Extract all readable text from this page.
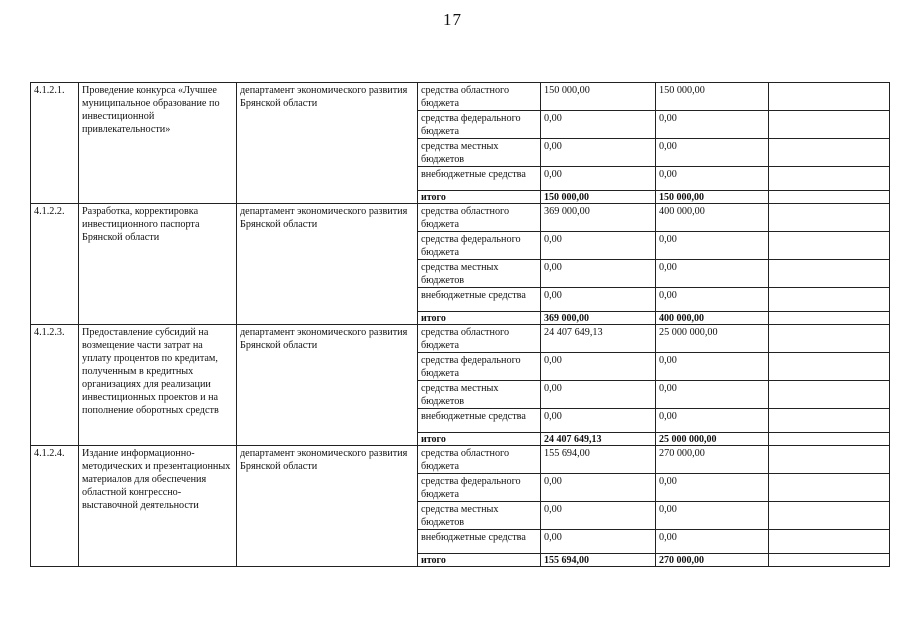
17
4.1.2.1.	Проведение конкурса «Лучшее муниципальное образование по инвестиционной привлекательности»	департамент экономического развития Брянской области	средства областного бюджета	150 000,00	150 000,00	
			средства федерального бюджета	0,00	0,00	
			средства местных бюджетов	0,00	0,00	
			внебюджетные средства	0,00	0,00	
			итого	150 000,00	150 000,00	
4.1.2.2.	Разработка, корректировка инвестиционного паспорта Брянской области	департамент экономического развития Брянской области	средства областного бюджета	369 000,00	400 000,00	
			средства федерального бюджета	0,00	0,00	
			средства местных бюджетов	0,00	0,00	
			внебюджетные средства	0,00	0,00	
			итого	369 000,00	400 000,00	
4.1.2.3.	Предоставление субсидий на возмещение части затрат на уплату процентов по кредитам, полученным в кредитных организациях для реализации инвестиционных проектов и на пополнение оборотных средств	департамент экономического развития Брянской области	средства областного бюджета	24 407 649,13	25 000 000,00	
			средства федерального бюджета	0,00	0,00	
			средства местных бюджетов	0,00	0,00	
			внебюджетные средства	0,00	0,00	
			итого	24 407 649,13	25 000 000,00	
4.1.2.4.	Издание информационно-методических и презентационных материалов для обеспечения областной конгрессно-выставочной деятельности	департамент экономического развития Брянской области	средства областного бюджета	155 694,00	270 000,00	
			средства федерального бюджета	0,00	0,00	
			средства местных бюджетов	0,00	0,00	
			внебюджетные средства	0,00	0,00	
			итого	155 694,00	270 000,00	
